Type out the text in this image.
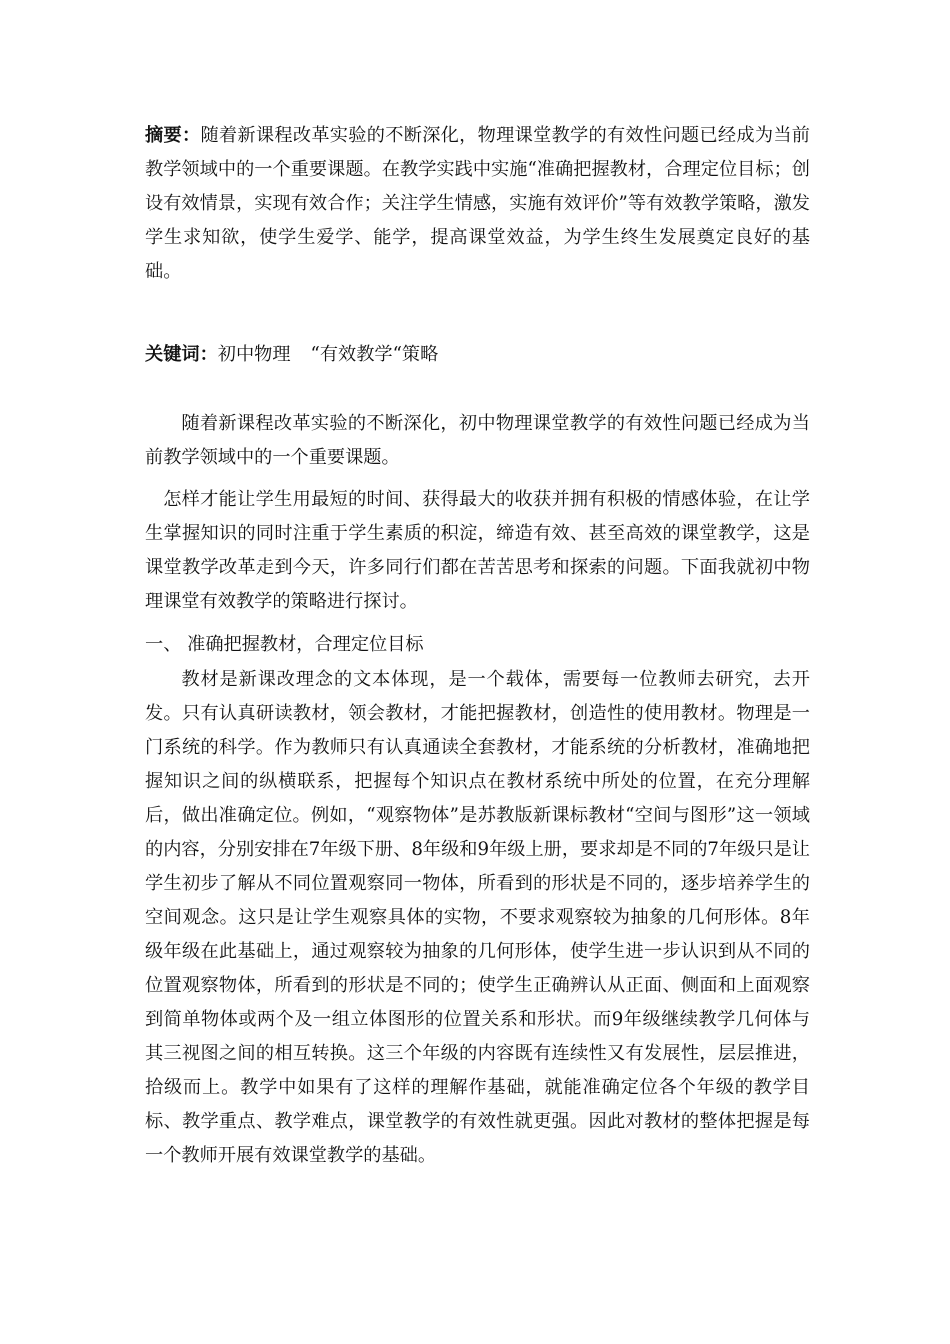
摘要：随着新课程改革实验的不断深化，物理课堂教学的有效性问题已经成为当前教学领域中的一个重要课题。在教学实践中实施“准确把握教材，合理定位目标；创设有效情景，实现有效合作；关注学生情感，实施有效评价”等有效教学策略，激发学生求知欲，使学生爱学、能学，提高课堂效益，为学生终生发展奠定良好的基础。
关键词：初中物理 “有效教学“策略
随着新课程改革实验的不断深化，初中物理课堂教学的有效性问题已经成为当前教学领域中的一个重要课题。
怎样才能让学生用最短的时间、获得最大的收获并拥有积极的情感体验，在让学生掌握知识的同时注重于学生素质的积淀，缔造有效、甚至高效的课堂教学，这是课堂教学改革走到今天，许多同行们都在苦苦思考和探索的问题。下面我就初中物理课堂有效教学的策略进行探讨。
一、 准确把握教材，合理定位目标
教材是新课改理念的文本体现，是一个载体，需要每一位教师去研究，去开发。只有认真研读教材，领会教材，才能把握教材，创造性的使用教材。物理是一门系统的科学。作为教师只有认真通读全套教材，才能系统的分析教材，准确地把握知识之间的纵横联系，把握每个知识点在教材系统中所处的位置，在充分理解后，做出准确定位。例如，“观察物体”是苏教版新课标教材“空间与图形”这一领域的内容，分别安排在7年级下册、8年级和9年级上册，要求却是不同的7年级只是让学生初步了解从不同位置观察同一物体，所看到的形状是不同的，逐步培养学生的空间观念。这只是让学生观察具体的实物，不要求观察较为抽象的几何形体。8年级年级在此基础上，通过观察较为抽象的几何形体，使学生进一步认识到从不同的 位置观察物体，所看到的形状是不同的；使学生正确辨认从正面、侧面和上面观察到简单物体或两个及一组立体图形的位置关系和形状。而9年级继续教学几何体与其三视图之间的相互转换。这三个年级的内容既有连续性又有发展性，层层推进，拾级而上。教学中如果有了这样的理解作基础，就能准确定位各个年级的教学目标、教学重点、教学难点，课堂教学的有效性就更强。因此对教材的整体把握是每一个教师开展有效课堂教学的基础。
